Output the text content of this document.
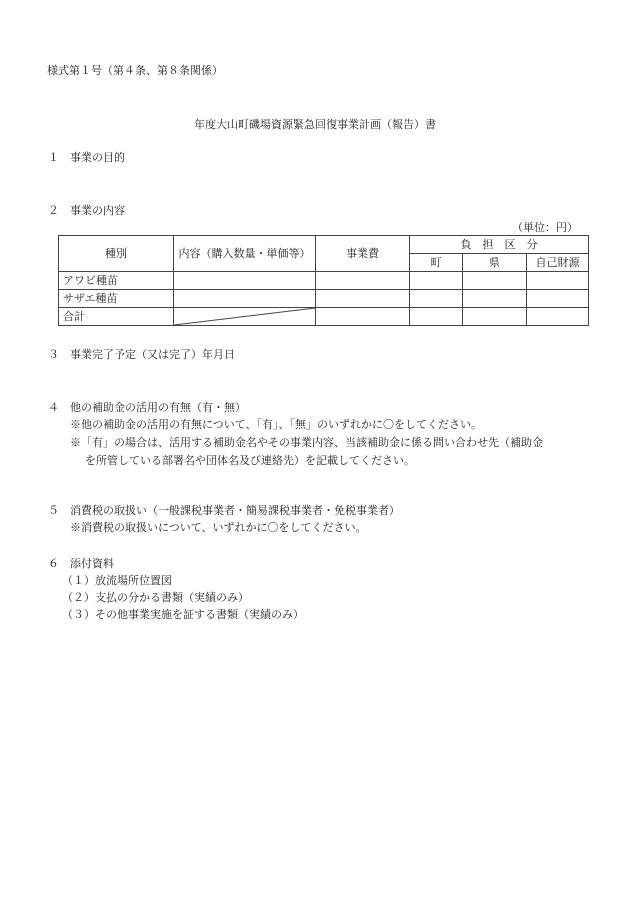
様式第１号（第４条、第８条関係）
年度大山町磯場資源緊急回復事業計画（報告）書
１　事業の目的
２　事業の内容
（単位：円）
種別	内容（購入数量・単価等）	事業費	負　担　区　分		
			町	県	自己財源
アワビ種苗					
サザエ種苗					
合計	

３　事業完了予定（又は完了）年月日
４　他の補助金の活用の有無（有・無）
※他の補助金の活用の有無について、「有」、「無」のいずれかに〇をしてください。
※「有」の場合は、活用する補助金名やその事業内容、当該補助金に係る問い合わせ先（補助金
を所管している部署名や団体名及び連絡先）を記載してください。
５　消費税の取扱い（一般課税事業者・簡易課税事業者・免税事業者）
※消費税の取扱いについて、いずれかに〇をしてください。
６　添付資料
（１）放流場所位置図
（２）支払の分かる書類（実績のみ）
（３）その他事業実施を証する書類（実績のみ）
